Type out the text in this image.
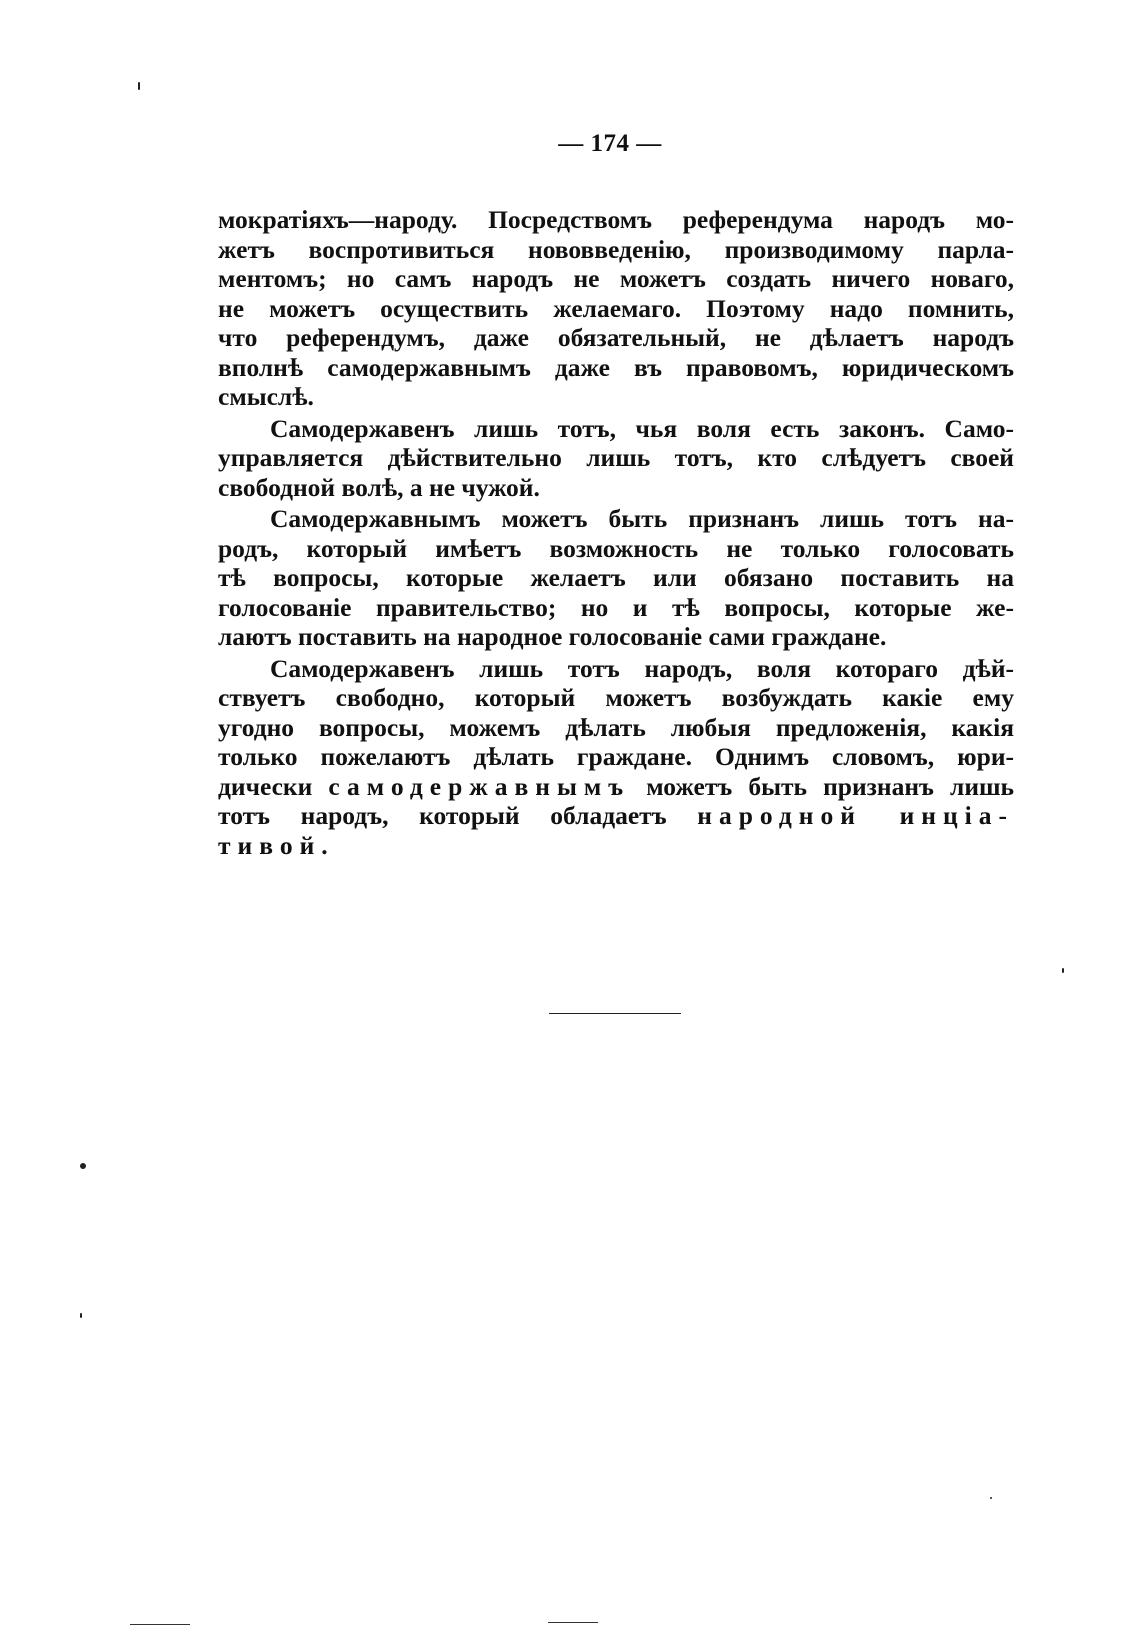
— 174 —
мократіяхъ—народу. Посредствомъ референдума народъ мо-
жетъ воспротивиться нововведенію, производимому парла-
ментомъ; но самъ народъ не можетъ создать ничего новаго,
не можетъ осуществить желаемаго. Поэтому надо помнить,
что референдумъ, даже обязательный, не дѣлаетъ народъ
вполнѣ самодержавнымъ даже въ правовомъ, юридическомъ
смыслѣ.
Самодержавенъ лишь тотъ, чья воля есть законъ. Само-
управляется дѣйствительно лишь тотъ, кто слѣдуетъ своей
свободной волѣ, а не чужой.
Самодержавнымъ можетъ быть признанъ лишь тотъ на-
родъ, который имѣетъ возможность не только голосовать
тѣ вопросы, которые желаетъ или обязано поставить на
голосованіе правительство; но и тѣ вопросы, которые же-
лаютъ поставить на народное голосованіе сами граждане.
Самодержавенъ лишь тотъ народъ, воля котораго дѣй-
ствуетъ свободно, который можетъ возбуждать какіе ему
угодно вопросы, можемъ дѣлать любыя предложенія, какія
только пожелаютъ дѣлать граждане. Однимъ словомъ, юри-
дически самодержавнымъ можетъ быть признанъ лишь
тотъ народъ, который обладаетъ народной инціа-
тивой.
